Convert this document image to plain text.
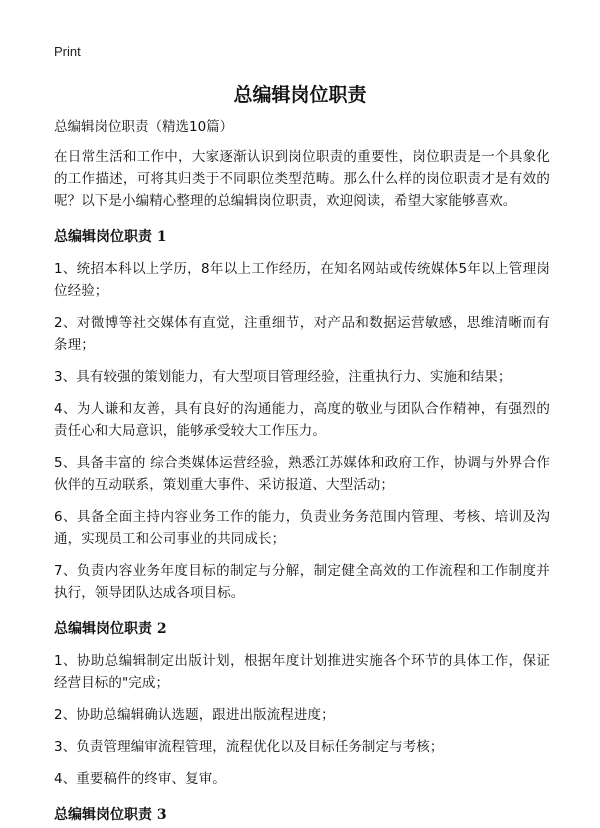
Print
总编辑岗位职责

总编辑岗位职责（精选10篇）

在日常生活和工作中，大家逐渐认识到岗位职责的重要性，岗位职责是一个具象化的工作描述，可将其归类于不同职位类型范畴。那么什么样的岗位职责才是有效的呢？以下是小编精心整理的总编辑岗位职责，欢迎阅读，希望大家能够喜欢。

总编辑岗位职责 1

1、统招本科以上学历，8年以上工作经历，在知名网站或传统媒体5年以上管理岗位经验；

2、对微博等社交媒体有直觉，注重细节，对产品和数据运营敏感，思维清晰而有条理；

3、具有较强的策划能力，有大型项目管理经验，注重执行力、实施和结果；

4、为人谦和友善，具有良好的沟通能力，高度的敬业与团队合作精神，有强烈的责任心和大局意识，能够承受较大工作压力。

5、具备丰富的 综合类媒体运营经验，熟悉江苏媒体和政府工作，协调与外界合作伙伴的互动联系，策划重大事件、采访报道、大型活动；

6、具备全面主持内容业务工作的能力，负责业务务范围内管理、考核、培训及沟通，实现员工和公司事业的共同成长；

7、负责内容业务年度目标的制定与分解，制定健全高效的工作流程和工作制度并执行，领导团队达成各项目标。

总编辑岗位职责 2

1、协助总编辑制定出版计划，根据年度计划推进实施各个环节的具体工作，保证经营目标的"完成；

2、协助总编辑确认选题，跟进出版流程进度；

3、负责管理编审流程管理，流程优化以及目标任务制定与考核；

4、重要稿件的终审、复审。

总编辑岗位职责 3
